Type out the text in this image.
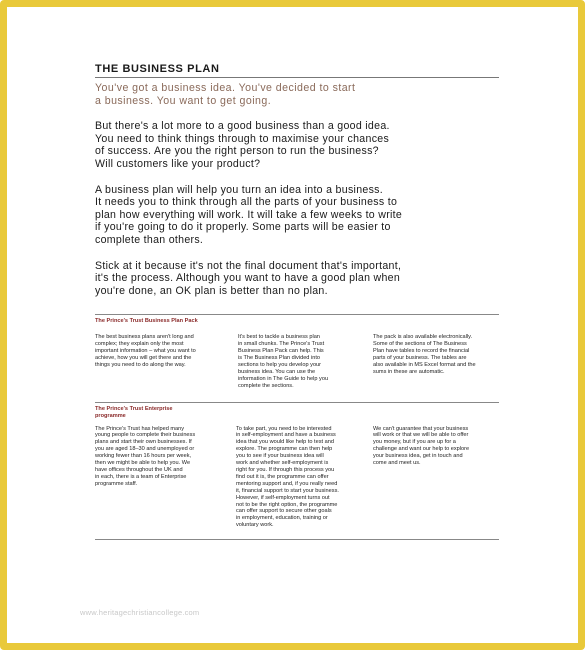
THE BUSINESS PLAN
You've got a business idea. You've decided to start
a business. You want to get going.
But there's a lot more to a good business than a good idea.
You need to think things through to maximise your chances
of success. Are you the right person to run the business?
Will customers like your product?
A business plan will help you turn an idea into a business.
It needs you to think through all the parts of your business to
plan how everything will work. It will take a few weeks to write
if you're going to do it properly. Some parts will be easier to
complete than others.
Stick at it because it's not the final document that's important,
it's the process. Although you want to have a good plan when
you're done, an OK plan is better than no plan.
The Prince's Trust Business Plan Pack
The best business plans aren't long and
complex; they explain only the most
important information – what you want to
achieve, how you will get there and the
things you need to do along the way.
It's best to tackle a business plan
in small chunks. The Prince's Trust
Business Plan Pack can help. This
is The Business Plan divided into
sections to help you develop your
business idea. You can use the
information in The Guide to help you
complete the sections.
The pack is also available electronically.
Some of the sections of The Business
Plan have tables to record the financial
parts of your business. The tables are
also available in MS Excel format and the
sums in these are automatic.
The Prince's Trust Enterprise
programme
The Prince's Trust has helped many
young people to complete their business
plans and start their own businesses. If
you are aged 18–30 and unemployed or
working fewer than 16 hours per week,
then we might be able to help you. We
have offices throughout the UK and
in each, there is a team of Enterprise
programme staff.
To take part, you need to be interested
in self-employment and have a business
idea that you would like help to test and
explore. The programme can then help
you to see if your business idea will
work and whether self-employment is
right for you. If through this process you
find out it is, the programme can offer
mentoring support and, if you really need
it, financial support to start your business.
However, if self-employment turns out
not to be the right option, the programme
can offer support to secure other goals
in employment, education, training or
voluntary work.
We can't guarantee that your business
will work or that we will be able to offer
you money, but if you are up for a
challenge and want our help to explore
your business idea, get in touch and
come and meet us.
www.heritagechristiancollege.com
